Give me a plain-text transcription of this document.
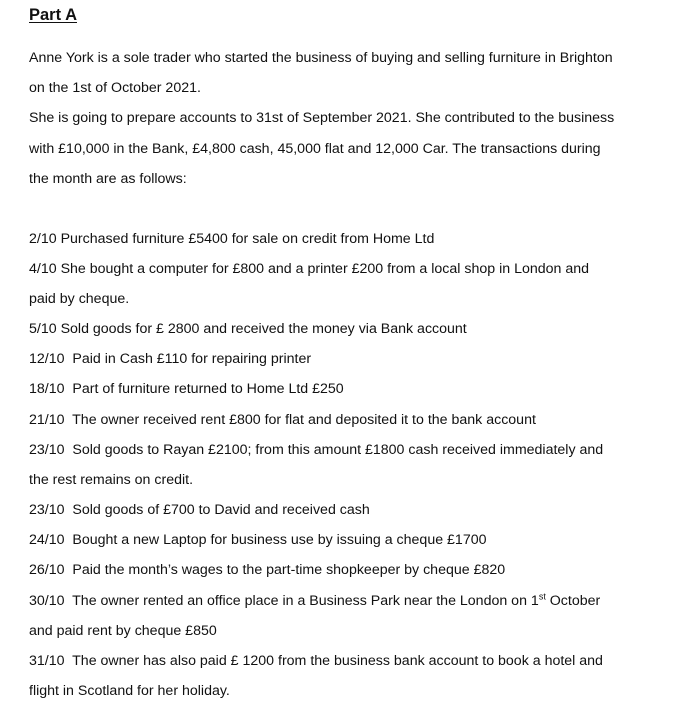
Part A
Anne York is a sole trader who started the business of buying and selling furniture in Brighton
on the 1st of October 2021.
She is going to prepare accounts to 31st of September 2021. She contributed to the business
with £10,000 in the Bank, £4,800 cash, 45,000 flat and 12,000 Car. The transactions during
the month are as follows:
2/10 Purchased furniture £5400 for sale on credit from Home Ltd
4/10 She bought a computer for £800 and a printer £200 from a local shop in London and
paid by cheque.
5/10 Sold goods for £ 2800 and received the money via Bank account
12/10  Paid in Cash £110 for repairing printer
18/10  Part of furniture returned to Home Ltd £250
21/10  The owner received rent £800 for flat and deposited it to the bank account
23/10  Sold goods to Rayan £2100; from this amount £1800 cash received immediately and
the rest remains on credit.
23/10  Sold goods of £700 to David and received cash
24/10  Bought a new Laptop for business use by issuing a cheque £1700
26/10  Paid the month’s wages to the part-time shopkeeper by cheque £820
30/10  The owner rented an office place in a Business Park near the London on 1st October
and paid rent by cheque £850
31/10  The owner has also paid £ 1200 from the business bank account to book a hotel and
flight in Scotland for her holiday.
